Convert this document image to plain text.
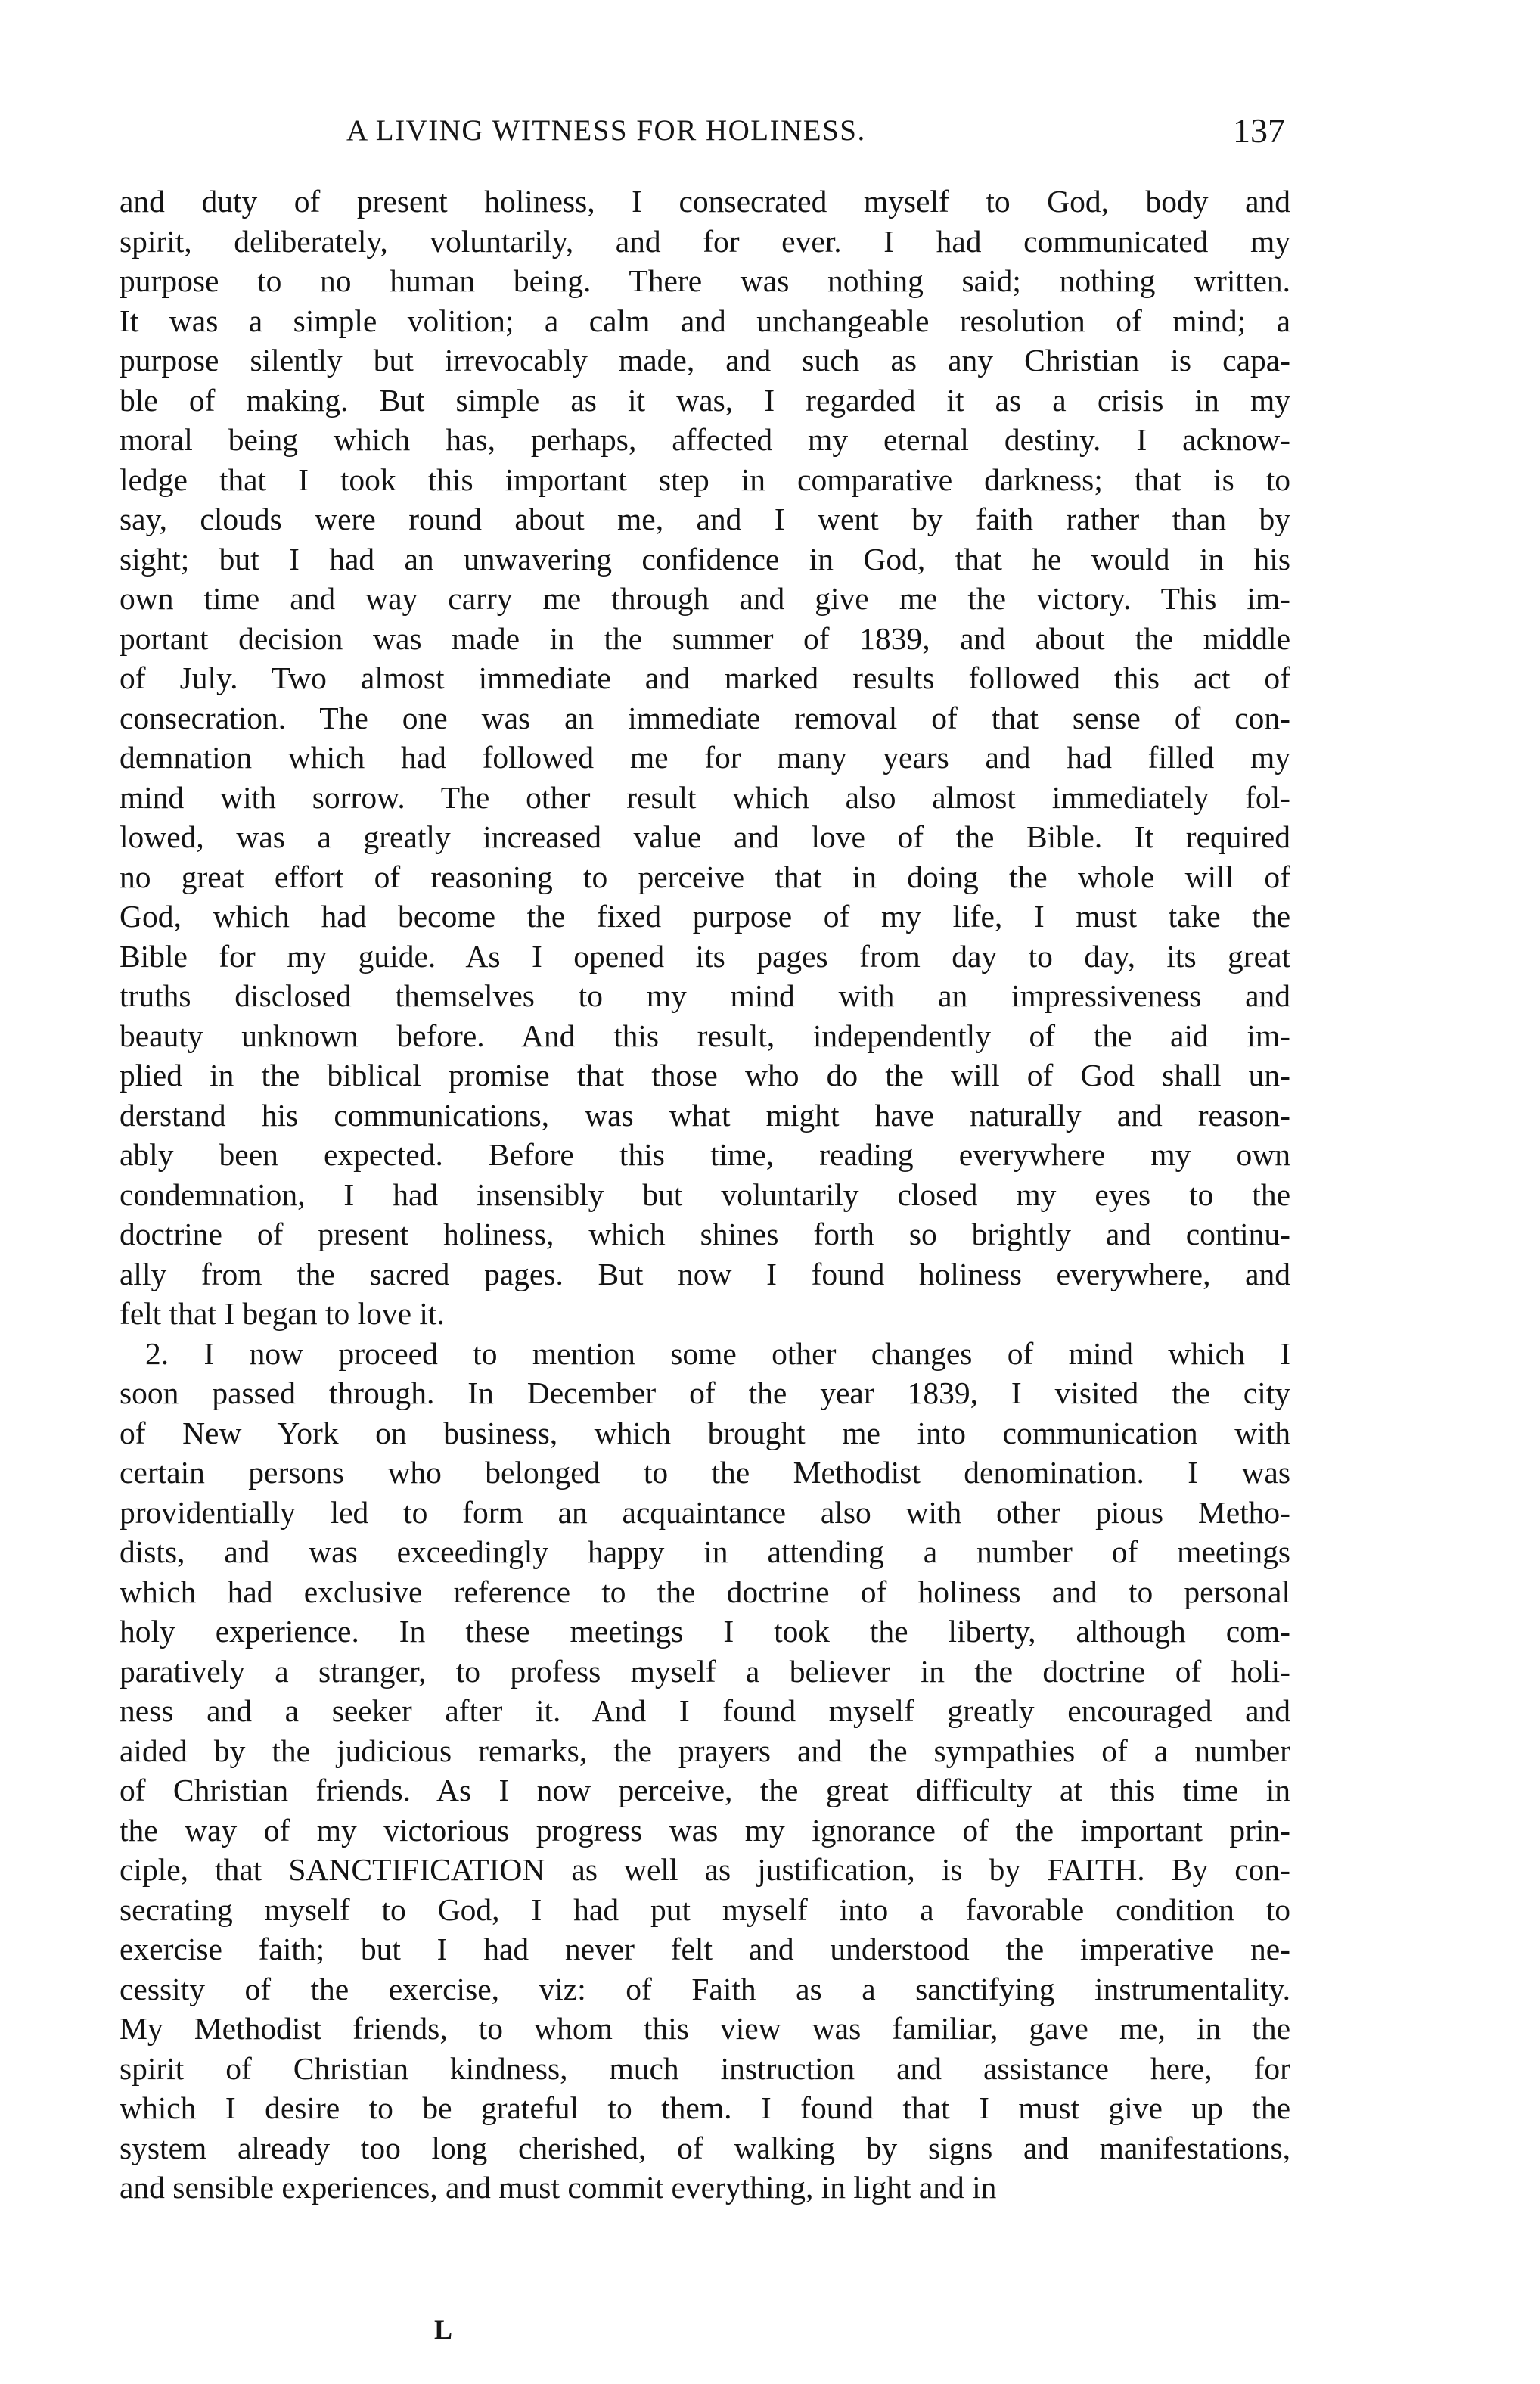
A LIVING WITNESS FOR HOLINESS.	137
and duty of present holiness, I consecrated myself to God, body and
spirit, deliberately, voluntarily, and for ever. I had communicated my
purpose to no human being. There was nothing said; nothing written.
It was a simple volition; a calm and unchangeable resolution of mind; a
purpose silently but irrevocably made, and such as any Christian is capa-
ble of making. But simple as it was, I regarded it as a crisis in my
moral being which has, perhaps, affected my eternal destiny. I acknow-
ledge that I took this important step in comparative darkness; that is to
say, clouds were round about me, and I went by faith rather than by
sight; but I had an unwavering confidence in God, that he would in his
own time and way carry me through and give me the victory. This im-
portant decision was made in the summer of 1839, and about the middle
of July. Two almost immediate and marked results followed this act of
consecration. The one was an immediate removal of that sense of con-
demnation which had followed me for many years and had filled my
mind with sorrow. The other result which also almost immediately fol-
lowed, was a greatly increased value and love of the Bible. It required
no great effort of reasoning to perceive that in doing the whole will of
God, which had become the fixed purpose of my life, I must take the
Bible for my guide. As I opened its pages from day to day, its great
truths disclosed themselves to my mind with an impressiveness and
beauty unknown before. And this result, independently of the aid im-
plied in the biblical promise that those who do the will of God shall un-
derstand his communications, was what might have naturally and reason-
ably been expected. Before this time, reading everywhere my own
condemnation, I had insensibly but voluntarily closed my eyes to the
doctrine of present holiness, which shines forth so brightly and continu-
ally from the sacred pages. But now I found holiness everywhere, and
felt that I began to love it.
2. I now proceed to mention some other changes of mind which I
soon passed through. In December of the year 1839, I visited the city
of New York on business, which brought me into communication with
certain persons who belonged to the Methodist denomination. I was
providentially led to form an acquaintance also with other pious Metho-
dists, and was exceedingly happy in attending a number of meetings
which had exclusive reference to the doctrine of holiness and to personal
holy experience. In these meetings I took the liberty, although com-
paratively a stranger, to profess myself a believer in the doctrine of holi-
ness and a seeker after it. And I found myself greatly encouraged and
aided by the judicious remarks, the prayers and the sympathies of a number
of Christian friends. As I now perceive, the great difficulty at this time in
the way of my victorious progress was my ignorance of the important prin-
ciple, that SANCTIFICATION as well as justification, is by FAITH. By con-
secrating myself to God, I had put myself into a favorable condition to
exercise faith; but I had never felt and understood the imperative ne-
cessity of the exercise, viz: of Faith as a sanctifying instrumentality.
My Methodist friends, to whom this view was familiar, gave me, in the
spirit of Christian kindness, much instruction and assistance here, for
which I desire to be grateful to them. I found that I must give up the
system already too long cherished, of walking by signs and manifestations,
and sensible experiences, and must commit everything, in light and in
L
